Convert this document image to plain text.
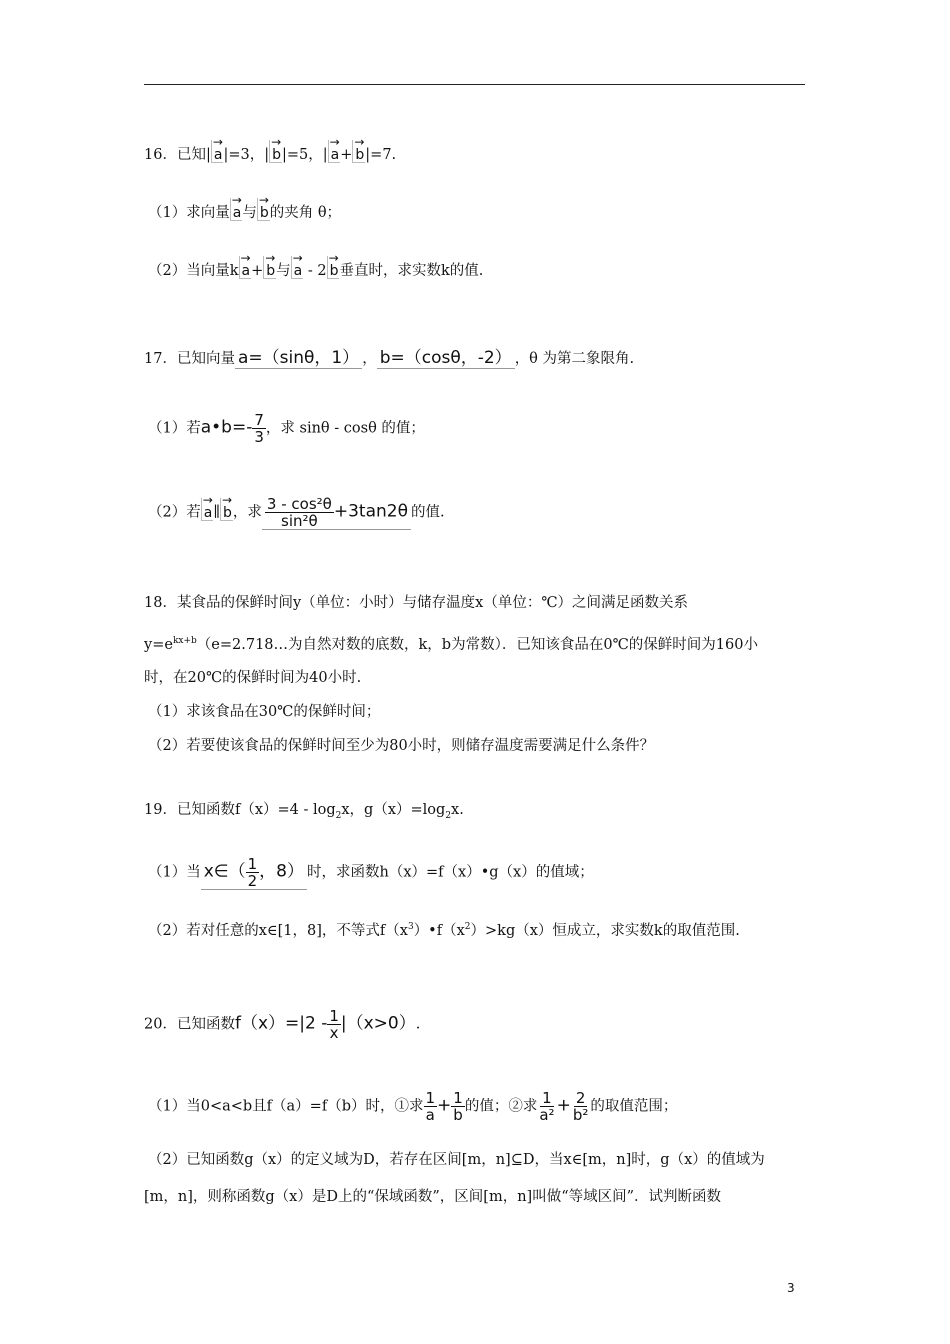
16．已知| → a|=3，| → b|=5，| → a+ → b|=7.
（1）求向量 → a与 → b的夹角 θ；
（2）当向量k → a+ → b与 → a - 2 → b垂直时，求实数k的值.
17．已知向量 a=（sinθ，1） ， b=（cosθ，-2） ，θ 为第二象限角.
（1）若a•b=- $\frac{7}{3}$ ，求 sinθ - cosθ 的值；
（2）若 → a∥ → b，求 $\frac{\text{3 - cos²θ}}{\text{sin²θ}} +3\tan 2\theta$ 的值.
18．某食品的保鲜时间y（单位：小时）与储存温度x（单位：℃）之间满足函数关系
$y=e^{kx+b}(e=2.718\dots$为自然对数的底数，k，b为常数）．已知该食品在0℃的保鲜时间为160小
时，在20℃的保鲜时间为40小时.
（1）求该食品在30℃的保鲜时间；
（2）若要使该食品的保鲜时间至少为80小时，则储存温度需要满足什么条件？
19．已知函数$f(x)=4 - \log_2x$，$g(x)=\log_2x$.
（1）当 x∈（ $\frac{1}{2}$ ，8） 时，求函数h（x）=f（x）•g（x）的值域；
（2）若对任意的x∈[1，8]，不等式$f(x^3)•f(x^2)>kg(x)$恒成立，求实数k的取值范围.
20．已知函数$f(x)=|2 - \frac{1}{x} |(x>0)$.
（1）当0<a<b且f（a）=f（b）时，①求 $\frac{1}{a} + \frac{1}{b}$ 的值；②求 $\frac{1}{\text{a²}} + \frac{2}{\text{b²}}$ 的取值范围；
（2）已知函数g（x）的定义域为D，若存在区间[m，n]⊆D，当x∈[m，n]时，g（x）的值域为
[m，n]，则称函数g（x）是D上的“保域函数”，区间[m，n]叫做“等域区间”．试判断函数
3
